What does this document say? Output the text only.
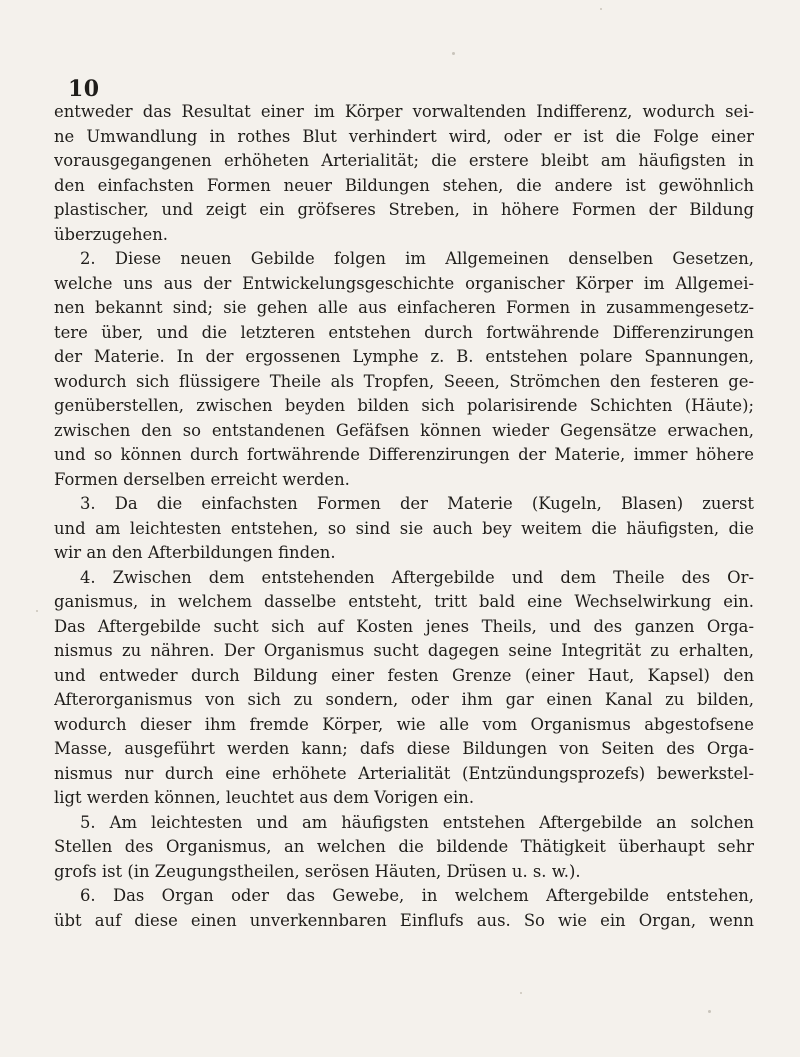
10
entweder das Resultat einer im Körper vorwaltenden Indifferenz, wodurch sei-
ne Umwandlung in rothes Blut verhindert wird, oder er ist die Folge einer
vorausgegangenen erhöheten Arterialität; die erstere bleibt am häufigsten in
den einfachsten Formen neuer Bildungen stehen, die andere ist gewöhnlich
plastischer, und zeigt ein gröfseres Streben, in höhere Formen der Bildung
überzugehen.
2. Diese neuen Gebilde folgen im Allgemeinen denselben Gesetzen,
welche uns aus der Entwickelungsgeschichte organischer Körper im Allgemei-
nen bekannt sind; sie gehen alle aus einfacheren Formen in zusammengesetz-
tere über, und die letzteren entstehen durch fortwährende Differenzirungen
der Materie. In der ergossenen Lymphe z. B. entstehen polare Spannungen,
wodurch sich flüssigere Theile als Tropfen, Seeen, Strömchen den festeren ge-
genüberstellen, zwischen beyden bilden sich polarisirende Schichten (Häute);
zwischen den so entstandenen Gefäfsen können wieder Gegensätze erwachen,
und so können durch fortwährende Differenzirungen der Materie, immer höhere
Formen derselben erreicht werden.
3. Da die einfachsten Formen der Materie (Kugeln, Blasen) zuerst
und am leichtesten entstehen, so sind sie auch bey weitem die häufigsten, die
wir an den Afterbildungen finden.
4. Zwischen dem entstehenden Aftergebilde und dem Theile des Or-
ganismus, in welchem dasselbe entsteht, tritt bald eine Wechselwirkung ein.
Das Aftergebilde sucht sich auf Kosten jenes Theils, und des ganzen Orga-
nismus zu nähren. Der Organismus sucht dagegen seine Integrität zu erhalten,
und entweder durch Bildung einer festen Grenze (einer Haut, Kapsel) den
Afterorganismus von sich zu sondern, oder ihm gar einen Kanal zu bilden,
wodurch dieser ihm fremde Körper, wie alle vom Organismus abgestofsene
Masse, ausgeführt werden kann; dafs diese Bildungen von Seiten des Orga-
nismus nur durch eine erhöhete Arterialität (Entzündungsprozefs) bewerkstel-
ligt werden können, leuchtet aus dem Vorigen ein.
5. Am leichtesten und am häufigsten entstehen Aftergebilde an solchen
Stellen des Organismus, an welchen die bildende Thätigkeit überhaupt sehr
grofs ist (in Zeugungstheilen, serösen Häuten, Drüsen u. s. w.).
6. Das Organ oder das Gewebe, in welchem Aftergebilde entstehen,
übt auf diese einen unverkennbaren Einflufs aus. So wie ein Organ, wenn
